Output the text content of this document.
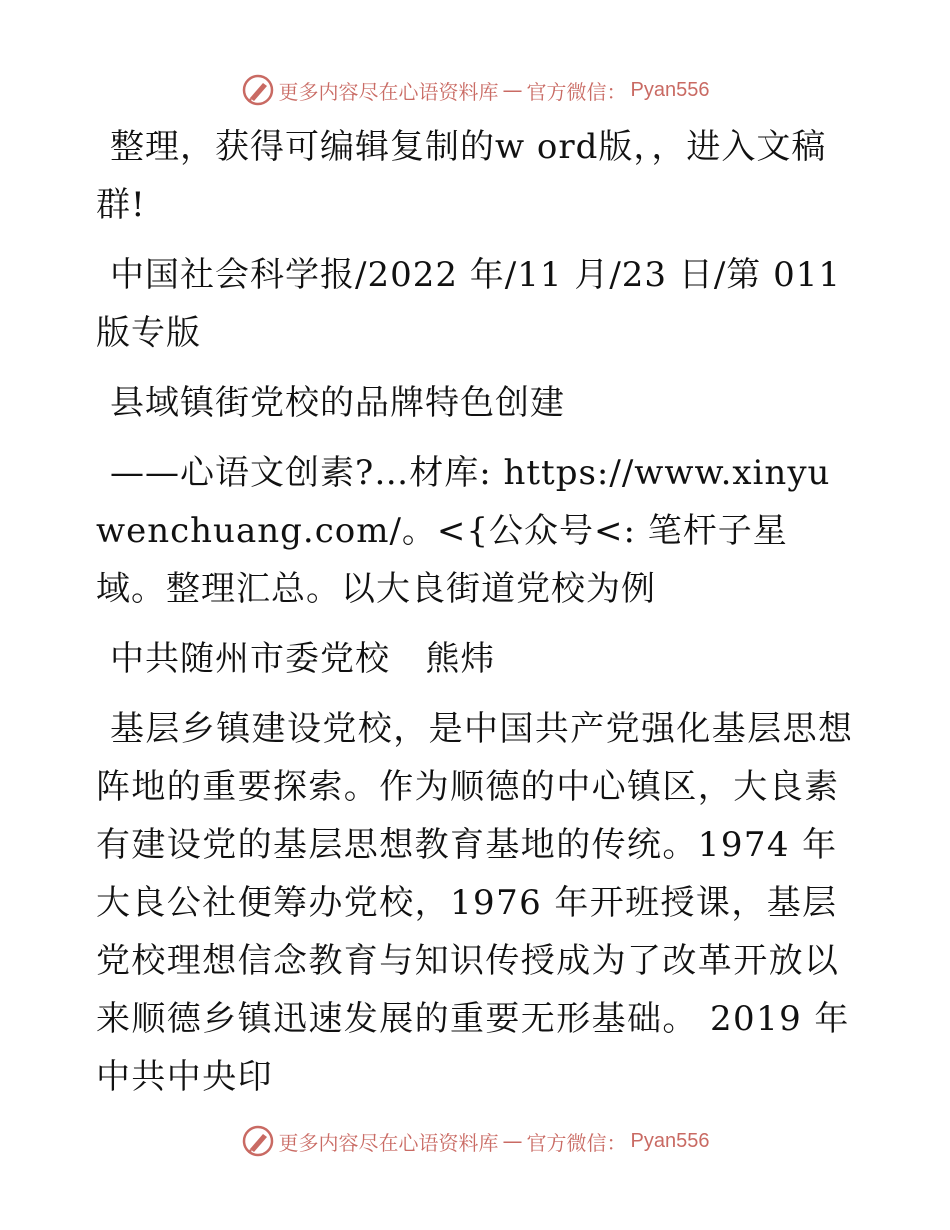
更多内容尽在心语资料库 — 官方微信： Pyan556

整理，获得可编辑复制的w ord版，，进入文稿群!

中国社会科学报/2022 年/11 月/23 日/第 011 版专版

县域镇街党校的品牌特色创建

——心语文创素?…材库: https://www.xinyuwenchuang.com/。<{公众号<: 笔杆子星域。整理汇总。以大良街道党校为例

中共随州市委党校   熊炜

基层乡镇建设党校，是中国共产党强化基层思想阵地的重要探索。作为顺德的中心镇区，大良素有建设党的基层思想教育基地的传统。1974 年大良公社便筹办党校，1976 年开班授课，基层党校理想信念教育与知识传授成为了改革开放以来顺德乡镇迅速发展的重要无形基础。 2019 年中共中央印

更多内容尽在心语资料库 — 官方微信： Pyan556
